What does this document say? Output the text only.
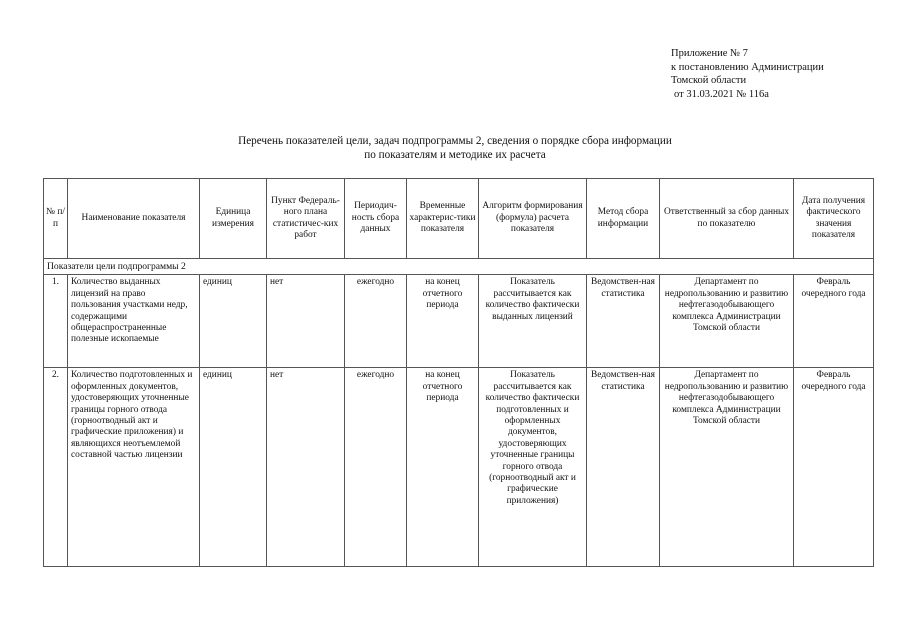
Приложение № 7
к постановлению Администрации
Томской области
от 31.03.2021 № 116а
Перечень показателей цели, задач подпрограммы 2, сведения о порядке сбора информации
по показателям и методике их расчета
№ п/п	Наименование показателя	Единица измерения	Пункт Федераль-ного плана статистичес-ких работ	Периодич-ность сбора данных	Временные характерис-тики показателя	Алгоритм формирования (формула) расчета показателя	Метод сбора информации	Ответственный за сбор данных по показателю	Дата получения фактического значения показателя
Показатели цели подпрограммы 2									
1.	Количество выданных лицензий на право пользования участками недр, содержащими общераспространенные полезные ископаемые	единиц	нет	ежегодно	на конец отчетного периода	Показатель рассчитывается как количество фактически выданных лицензий	Ведомствен-ная статистика	Департамент по недропользованию и развитию нефтегазодобывающего комплекса Администрации Томской области	Февраль очередного года
2.	Количество подготовленных и оформленных документов, удостоверяющих уточненные границы горного отвода (горноотводный акт и графические приложения) и являющихся неотъемлемой составной частью лицензии	единиц	нет	ежегодно	на конец отчетного периода	Показатель рассчитывается как количество фактически подготовленных и оформленных документов, удостоверяющих уточненные границы горного отвода (горноотводный акт и графические приложения)	Ведомствен-ная статистика	Департамент по недропользованию и развитию нефтегазодобывающего комплекса Администрации Томской области	Февраль очередного года
